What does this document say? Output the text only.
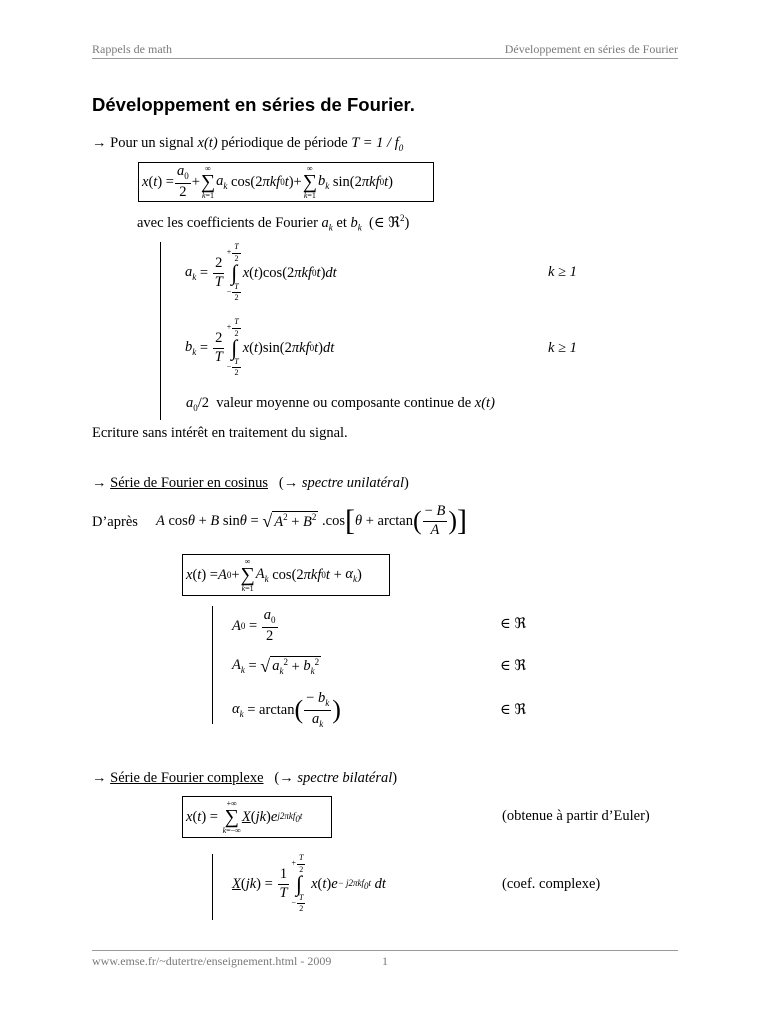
Rappels de math	Développement en séries de Fourier
Développement en séries de Fourier.
→ Pour un signal x(t) périodique de période $T = 1 / f_0$
x ( t ) = $\frac{a_0}{2}$ +
∞
∑
k=1
$a_k$ cos(2 πkf 0 t )+
∞
∑
k=1
$b_k$ sin(2 πkf 0 t )
avec les coefficients de Fourier $a_k$ et $b_k$ (∈ ℜ$^2$)
$a_k = \frac{2}{T}$
+ $\frac{T}{2}$
∫
− $\frac{T}{2}$
x ( t )cos(2 πkf 0 t ) dt	k ≥ 1
$b_k = \frac{2}{T}$
+ $\frac{T}{2}$
∫
− $\frac{T}{2}$
x ( t )sin(2 πkf 0 t ) dt	k ≥ 1
$a_0/2$  valeur moyenne ou composante continue de x(t)
Ecriture sans intérêt en traitement du signal.
→ Série de Fourier en cosinus (→ spectre unilatéral)
D’après A cos θ + B sin θ = √ $A^2 + B^2$ .cos [ θ + arctan ( $\frac{- B}{A}$ ) ]
x ( t ) = A 0 +
∞
∑
k=1
$A_k$ cos(2 πkf 0 $t + \alpha_k$ )
A $0 = \frac{a_0}{2}$	∈ ℜ
$A_k$ = √ $a_k^2 + b_k^2$	∈ ℜ
$\alpha_k = \arctan$ ( $\frac{- b_k}{a_k}$ )	∈ ℜ
→ Série de Fourier complexe (→ spectre bilatéral)
x ( t ) =
+∞
∑
k=−∞
X ( jk ) e j2πkf$_0$t	(obtenue à partir d’Euler)
X ( jk ) = $\frac{1}{T}$
+ $\frac{T}{2}$
∫
− $\frac{T}{2}$

x ( t ) e − j2πkf$_0$t
dt	(coef. complexe)
www.emse.fr/~dutertre/enseignement.html - 2009	1
